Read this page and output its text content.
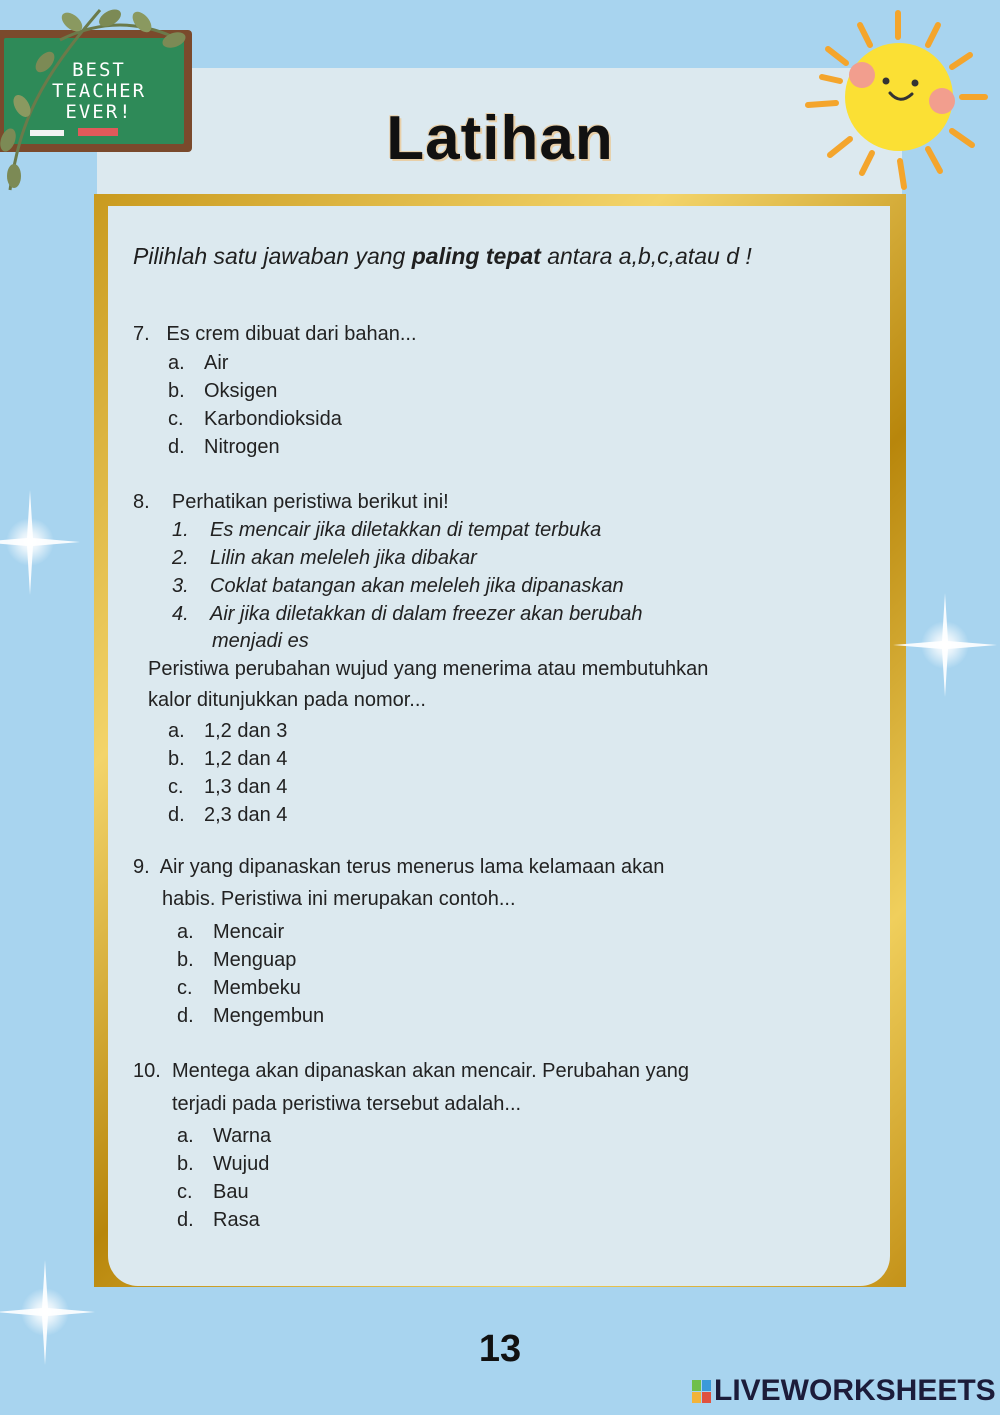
BEST
TEACHER
EVER!	Latihan
Pilihlah satu jawaban yang paling tepat antara a,b,c,atau d !
7. Es crem dibuat dari bahan...
a. Air
b. Oksigen
c. Karbondioksida
d. Nitrogen
8. Perhatikan peristiwa berikut ini!
1. Es mencair jika diletakkan di tempat terbuka
2. Lilin akan meleleh jika dibakar
3. Coklat batangan akan meleleh jika dipanaskan
4. Air jika diletakkan di dalam freezer akan berubah
menjadi es
Peristiwa perubahan wujud yang menerima atau membutuhkan
kalor ditunjukkan pada nomor...
a. 1,2 dan 3
b. 1,2 dan 4
c. 1,3 dan 4
d. 2,3 dan 4
9. Air yang dipanaskan terus menerus lama kelamaan akan
habis. Peristiwa ini merupakan contoh...
a. Mencair
b. Menguap
c. Membeku
d. Mengembun
10. Mentega akan dipanaskan akan mencair. Perubahan yang
terjadi pada peristiwa tersebut adalah...
a. Warna
b. Wujud
c. Bau
d. Rasa
13
LIVEWORKSHEETS
